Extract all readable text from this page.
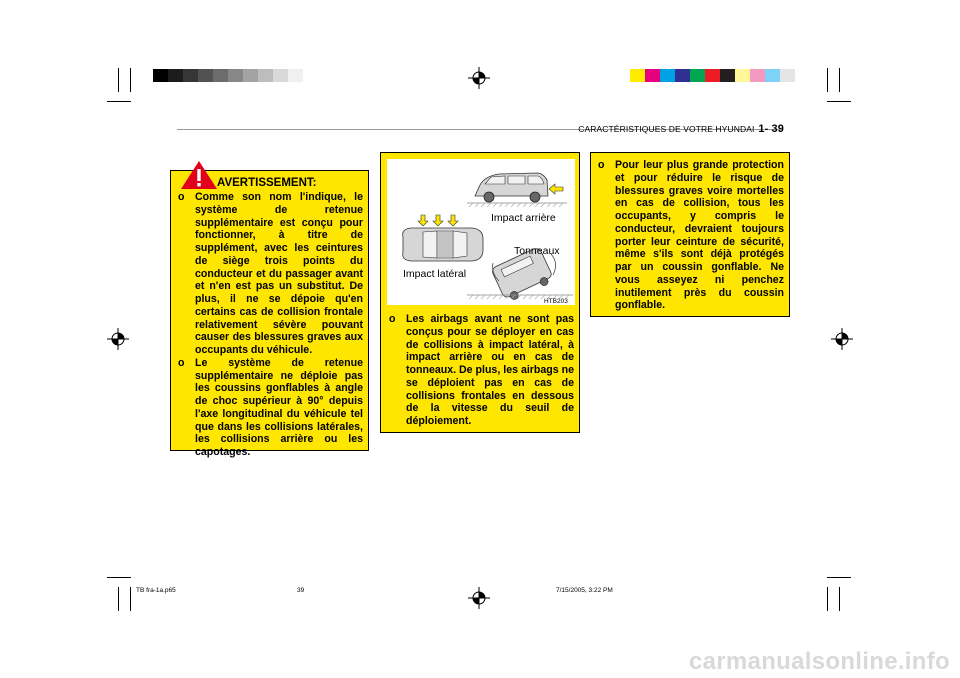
CARACTÉRISTIQUES DE VOTRE HYUNDAI 1- 39
AVERTISSEMENT:
o Comme son nom l'indique, le système de retenue supplémentaire est conçu pour fonctionner, à titre de supplément, avec les ceintures de siège trois points du conducteur et du passager avant et n'en est pas un substitut. De plus, il ne se dépoie qu'en certains cas de collision frontale relativement sévère pouvant causer des blessures graves aux occupants du véhicule.
o Le système de retenue supplémentaire ne déploie pas les coussins gonflables à angle de choc supérieur à 90° depuis l'axe longitudinal du véhicule tel que dans les collisions latérales, les collisions arrière ou les capotages.
Impact arrière
Tonneaux
Impact latéral
HTB203
o Les airbags avant ne sont pas conçus pour se déployer en cas de collisions à impact latéral, à impact arrière ou en cas de tonneaux. De plus, les airbags ne se déploient pas en cas de collisions frontales en dessous de la vitesse du seuil de déploiement.
o Pour leur plus grande protection et pour réduire le risque de blessures graves voire mortelles en cas de collision, tous les occupants, y compris le conducteur, devraient toujours porter leur ceinture de sécurité, même s'ils sont déjà protégés par un coussin gonflable. Ne vous asseyez ni penchez inutilement près du coussin gonflable.
TB fra-1a.p65	39	7/15/2005, 3:22 PM
carmanualsonline.info
